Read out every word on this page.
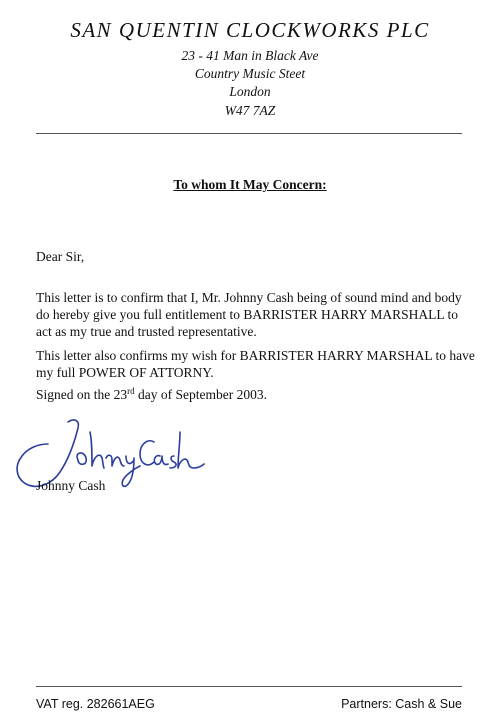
SAN QUENTIN CLOCKWORKS PLC
23 - 41 Man in Black Ave
Country Music Steet
London
W47 7AZ
To whom It May Concern:
Dear Sir,
This letter is to confirm that I, Mr. Johnny Cash being of sound mind and body do hereby give you full entitlement to BARRISTER HARRY MARSHALL to act as my true and trusted representative.
This letter also confirms my wish for BARRISTER HARRY MARSHAL to have my full POWER OF ATTORNY.
Signed on the 23rd day of September 2003.
Johny Cash
Johnny Cash
VAT reg. 282661AEG	Partners: Cash & Sue
